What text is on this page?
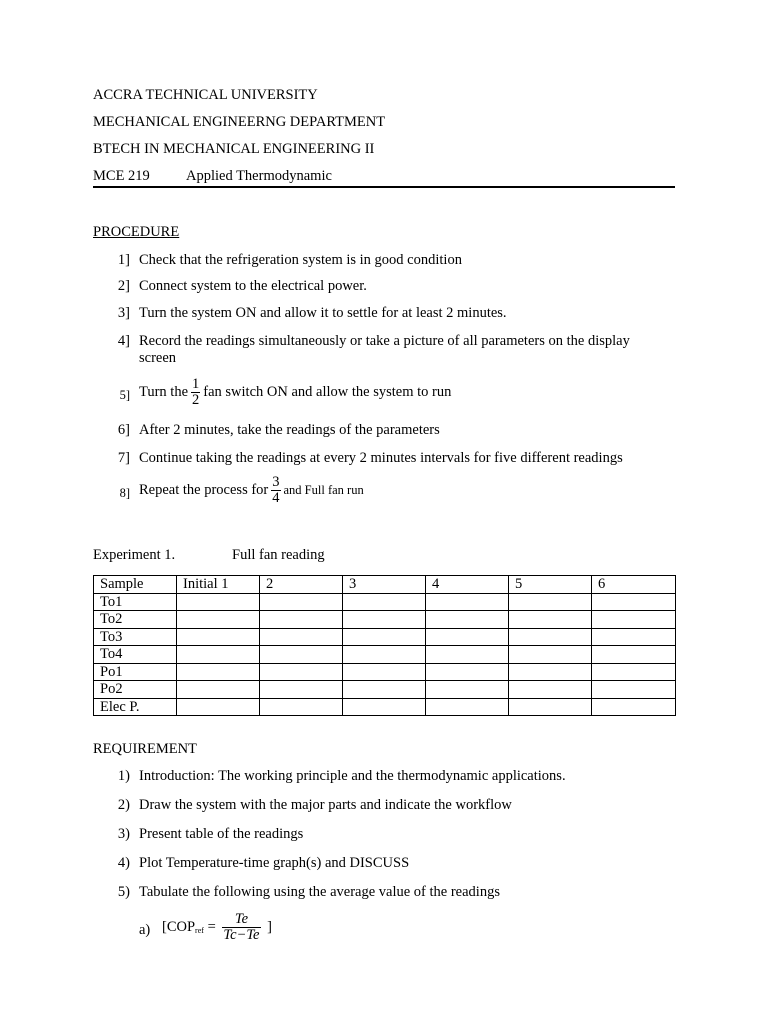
ACCRA TECHNICAL UNIVERSITY
MECHANICAL ENGINEERNG DEPARTMENT
BTECH IN MECHANICAL ENGINEERING II
MCE 219 Applied Thermodynamic
PROCEDURE
1] Check that the refrigeration system is in good condition
2] Connect system to the electrical power.
3] Turn the system ON and allow it to settle for at least 2 minutes.
4] Record the readings simultaneously or take a picture of all parameters on the display
screen
5] Turn the $\frac{1}{2}$ fan switch ON and allow the system to run
6] After 2 minutes, take the readings of the parameters
7] Continue taking the readings at every 2 minutes intervals for five different readings
8] Repeat the process for $\frac{3}{4}$ and Full fan run
Experiment 1.	Full fan reading
Sample	Initial 1	2	3	4	5	6
To1						
To2						
To3						
To4						
Po1						
Po2						
Elec P.						
REQUIREMENT
1) Introduction: The working principle and the thermodynamic applications.
2) Draw the system with the major parts and indicate the workflow
3) Present table of the readings
4) Plot Temperature-time graph(s) and DISCUSS
5) Tabulate the following using the average value of the readings
a) [$COP_{ref} = \frac{Te}{Tc-Te}$ ]
